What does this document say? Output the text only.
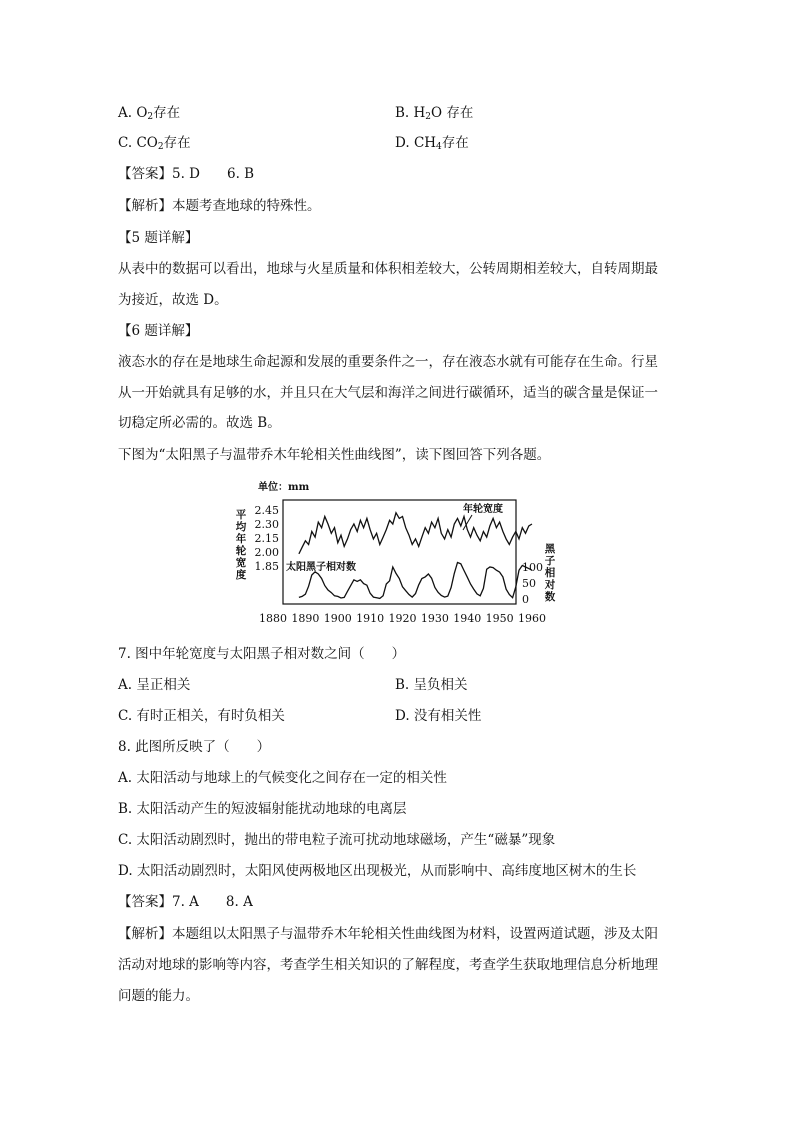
A. $O_2$存在	B. $H_2O$ 存在
C. $CO_2$存在	D. $CH_4$存在
【答案】5. D　　6. B
【解析】本题考查地球的特殊性。
【5 题详解】
从表中的数据可以看出，地球与火星质量和体积相差较大，公转周期相差较大，自转周期最
为接近，故选 D。
【6 题详解】
液态水的存在是地球生命起源和发展的重要条件之一，存在液态水就有可能存在生命。行星
从一开始就具有足够的水，并且只在大气层和海洋之间进行碳循环，适当的碳含量是保证一
切稳定所必需的。故选 B。
下图为“太阳黑子与温带乔木年轮相关性曲线图”，读下图回答下列各题。
单位：mm
平
均
年
轮
宽
度
黑
子
相
对
数
2.45
2.30
2.15
2.00
1.85	100
50
0
1880 1890 1900 1910 1920 1930 1940 1950 1960
年轮宽度
太阳黑子相对数
7. 图中年轮宽度与太阳黑子相对数之间（　　）
A. 呈正相关	B. 呈负相关
C. 有时正相关，有时负相关	D. 没有相关性
8. 此图所反映了（　　）
A. 太阳活动与地球上的气候变化之间存在一定的相关性
B. 太阳活动产生的短波辐射能扰动地球的电离层
C. 太阳活动剧烈时，抛出的带电粒子流可扰动地球磁场，产生“磁暴”现象
D. 太阳活动剧烈时，太阳风使两极地区出现极光，从而影响中、高纬度地区树木的生长
【答案】7. A　　8. A
【解析】本题组以太阳黑子与温带乔木年轮相关性曲线图为材料，设置两道试题，涉及太阳
活动对地球的影响等内容，考查学生相关知识的了解程度，考查学生获取地理信息分析地理
问题的能力。
